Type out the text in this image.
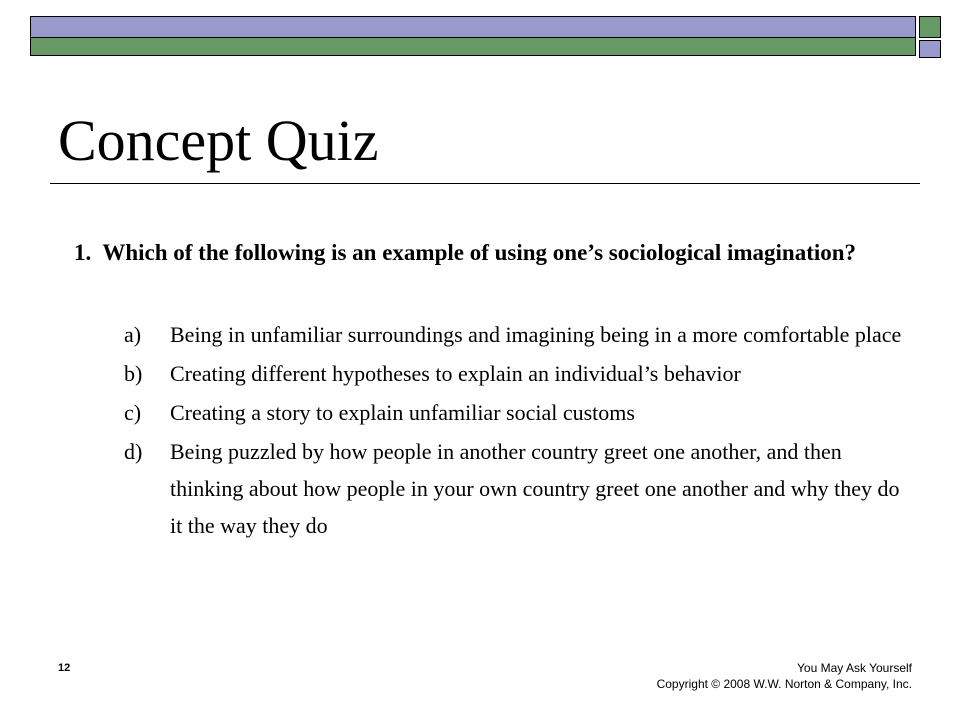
Concept Quiz
1. Which of the following is an example of using one’s sociological imagination?
a) Being in unfamiliar surroundings and imagining being in a more comfortable place
b) Creating different hypotheses to explain an individual’s behavior
c) Creating a story to explain unfamiliar social customs
d) Being puzzled by how people in another country greet one another, and then thinking about how people in your own country greet one another and why they do it the way they do
12	You May Ask Yourself
Copyright © 2008 W.W. Norton & Company, Inc.
